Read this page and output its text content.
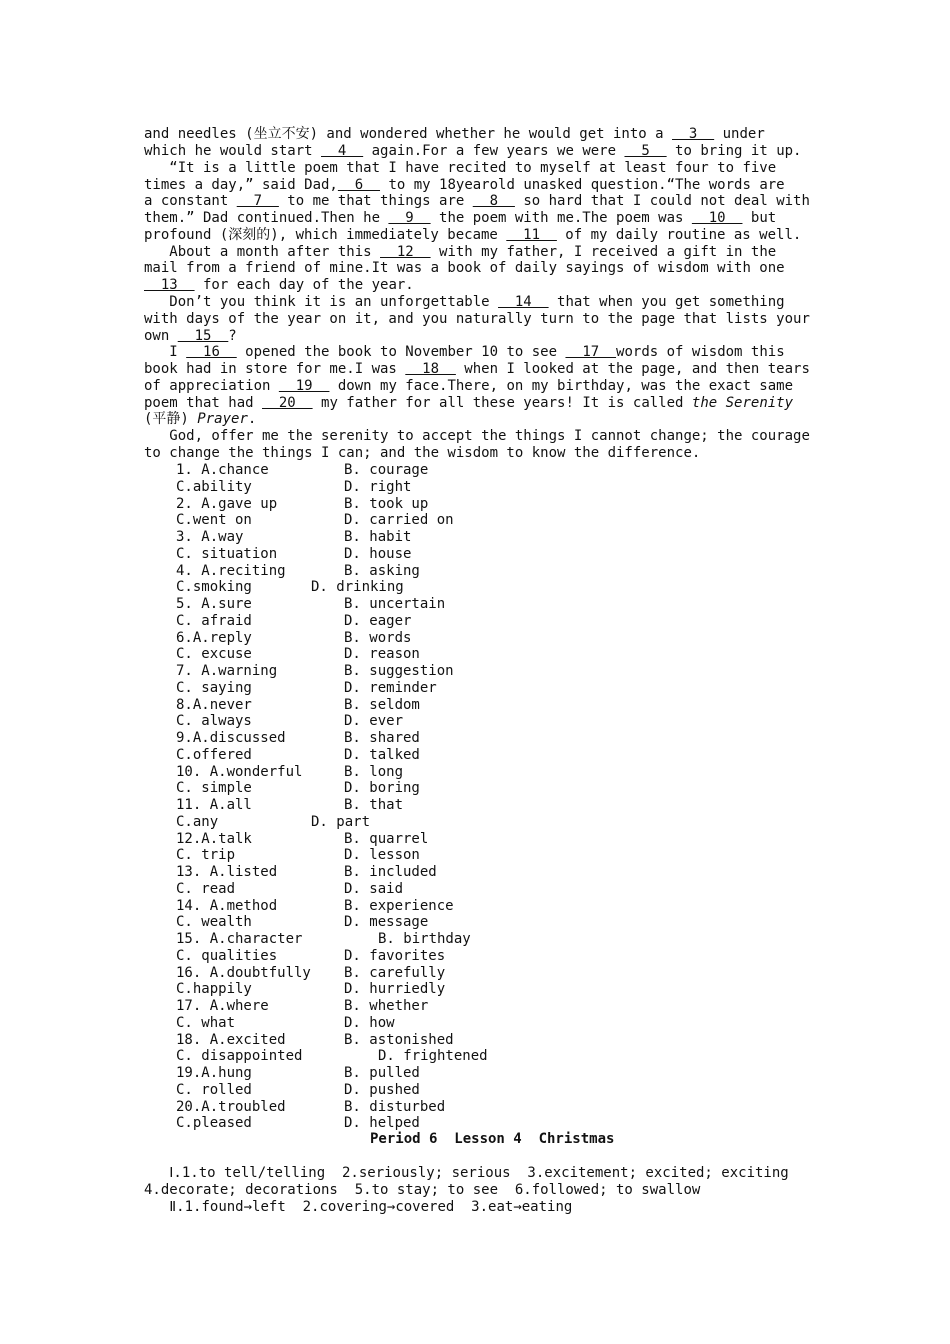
and needles (坐立不安) and wondered whether he would get into a   3   under
which he would start   4   again.For a few years we were   5   to bring it up.
“It is a little poem that I have recited to myself at least four to five
times a day,” said Dad,  6   to my 18yearold unasked question.“The words are
a constant   7   to me that things are   8   so hard that I could not deal with
them.” Dad continued.Then he   9   the poem with me.The poem was   10   but
profound (深刻的), which immediately became   11   of my daily routine as well.
About a month after this   12   with my father, I received a gift in the
mail from a friend of mine.It was a book of daily sayings of wisdom with one
13   for each day of the year.
Don’t you think it is an unforgettable   14   that when you get something
with days of the year on it, and you naturally turn to the page that lists your
own   15  ?
I   16   opened the book to November 10 to see   17  words of wisdom this
book had in store for me.I was   18   when I looked at the page, and then tears
of appreciation   19   down my face.There, on my birthday, was the exact same
poem that had   20   my father for all these years! It is called the Serenity
(平静) Prayer.
God, offer me the serenity to accept the things I cannot change; the courage
to change the things I can; and the wisdom to know the difference.
1. A.chance	B. courage
C.ability	D. right
2. A.gave up	B. took up
C.went on	D. carried on
3. A.way	B. habit
C. situation	D. house
4. A.reciting	B. asking
C.smoking	D. drinking
5. A.sure	B. uncertain
C. afraid	D. eager
6.A.reply	B. words
C. excuse	D. reason
7. A.warning	B. suggestion
C. saying	D. reminder
8.A.never	B. seldom
C. always	D. ever
9.A.discussed	B. shared
C.offered	D. talked
10. A.wonderful	B. long
C. simple	D. boring
11. A.all	B. that
C.any	D. part
12.A.talk	B. quarrel
C. trip	D. lesson
13. A.listed	B. included
C. read	D. said
14. A.method	B. experience
C. wealth	D. message
15. A.character	B. birthday
C. qualities	D. favorites
16. A.doubtfully B. carefully
C.happily	D. hurriedly
17. A.where	B. whether
C. what	D. how
18. A.excited	B. astonished
C. disappointed	D. frightened
19.A.hung	B. pulled
C. rolled	D. pushed
20.A.troubled	B. disturbed
C.pleased	D. helped
Period 6  Lesson 4  Christmas
Ⅰ.1.to tell/telling  2.seriously; serious  3.excitement; excited; exciting
4.decorate; decorations  5.to stay; to see  6.followed; to swallow
Ⅱ.1.found→left  2.covering→covered  3.eat→eating
